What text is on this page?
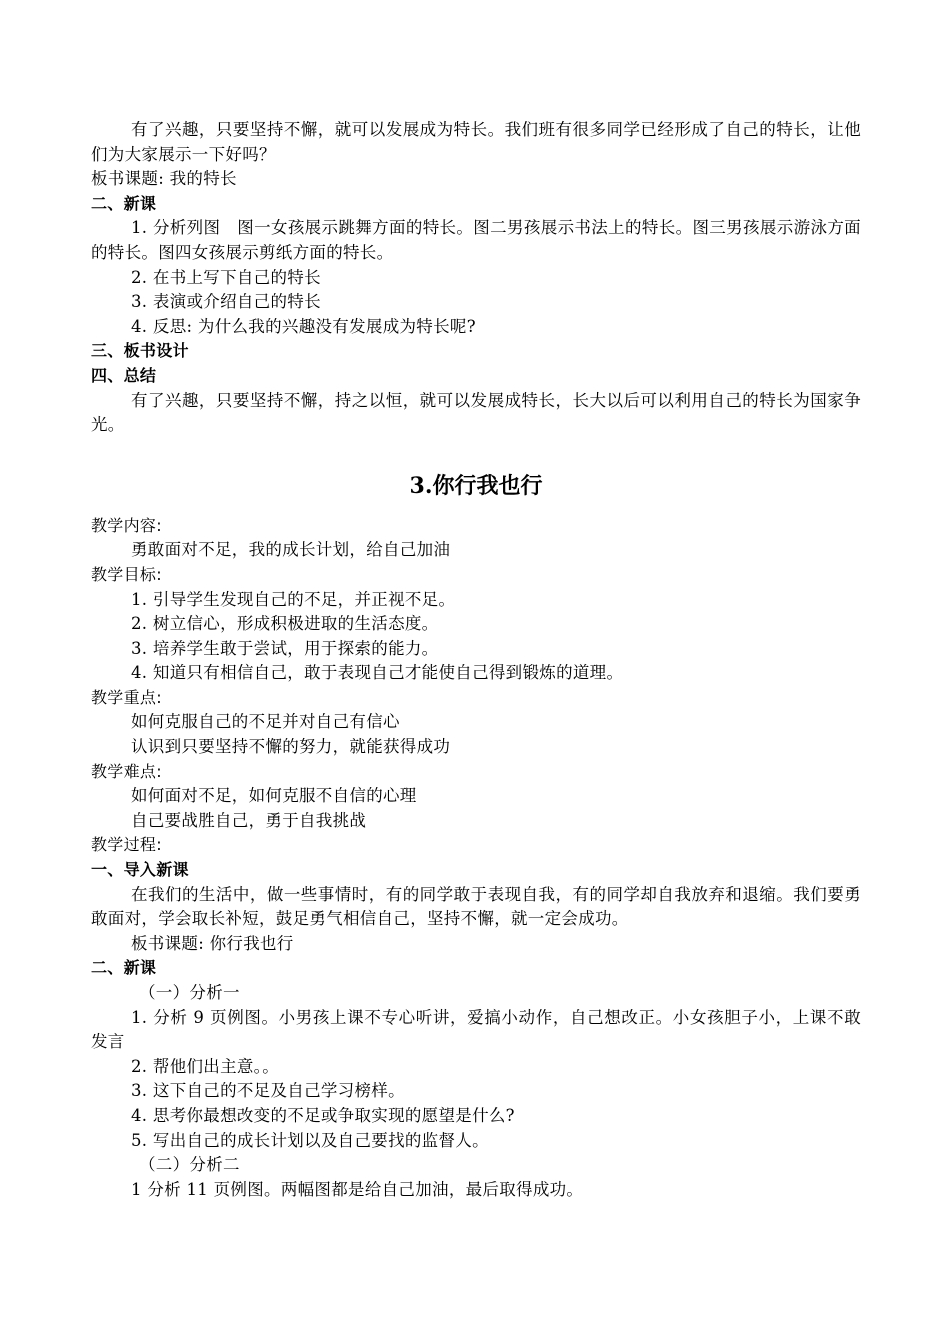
有了兴趣，只要坚持不懈，就可以发展成为特长。我们班有很多同学已经形成了自己的特长，让他们为大家展示一下好吗？
板书课题: 我的特长
二、新课
1. 分析列图　图一女孩展示跳舞方面的特长。图二男孩展示书法上的特长。图三男孩展示游泳方面的特长。图四女孩展示剪纸方面的特长。
2. 在书上写下自己的特长
3. 表演或介绍自己的特长
4. 反思: 为什么我的兴趣没有发展成为特长呢?
三、板书设计
四、总结
有了兴趣，只要坚持不懈，持之以恒，就可以发展成特长，长大以后可以利用自己的特长为国家争光。
3.你行我也行
教学内容:
勇敢面对不足，我的成长计划，给自己加油
教学目标:
1. 引导学生发现自己的不足，并正视不足。
2. 树立信心，形成积极进取的生活态度。
3. 培养学生敢于尝试，用于探索的能力。
4. 知道只有相信自己，敢于表现自己才能使自己得到锻炼的道理。
教学重点:
如何克服自己的不足并对自己有信心
认识到只要坚持不懈的努力，就能获得成功
教学难点:
如何面对不足，如何克服不自信的心理
自己要战胜自己，勇于自我挑战
教学过程:
一、导入新课
在我们的生活中，做一些事情时，有的同学敢于表现自我，有的同学却自我放弃和退缩。我们要勇敢面对，学会取长补短，鼓足勇气相信自己，坚持不懈，就一定会成功。
板书课题: 你行我也行
二、新课
（一）分析一
1. 分析 9 页例图。小男孩上课不专心听讲，爱搞小动作，自己想改正。小女孩胆子小，上课不敢发言
2. 帮他们出主意。。
3. 这下自己的不足及自己学习榜样。
4. 思考你最想改变的不足或争取实现的愿望是什么?
5. 写出自己的成长计划以及自己要找的监督人。
（二）分析二
1 分析 11 页例图。两幅图都是给自己加油，最后取得成功。
